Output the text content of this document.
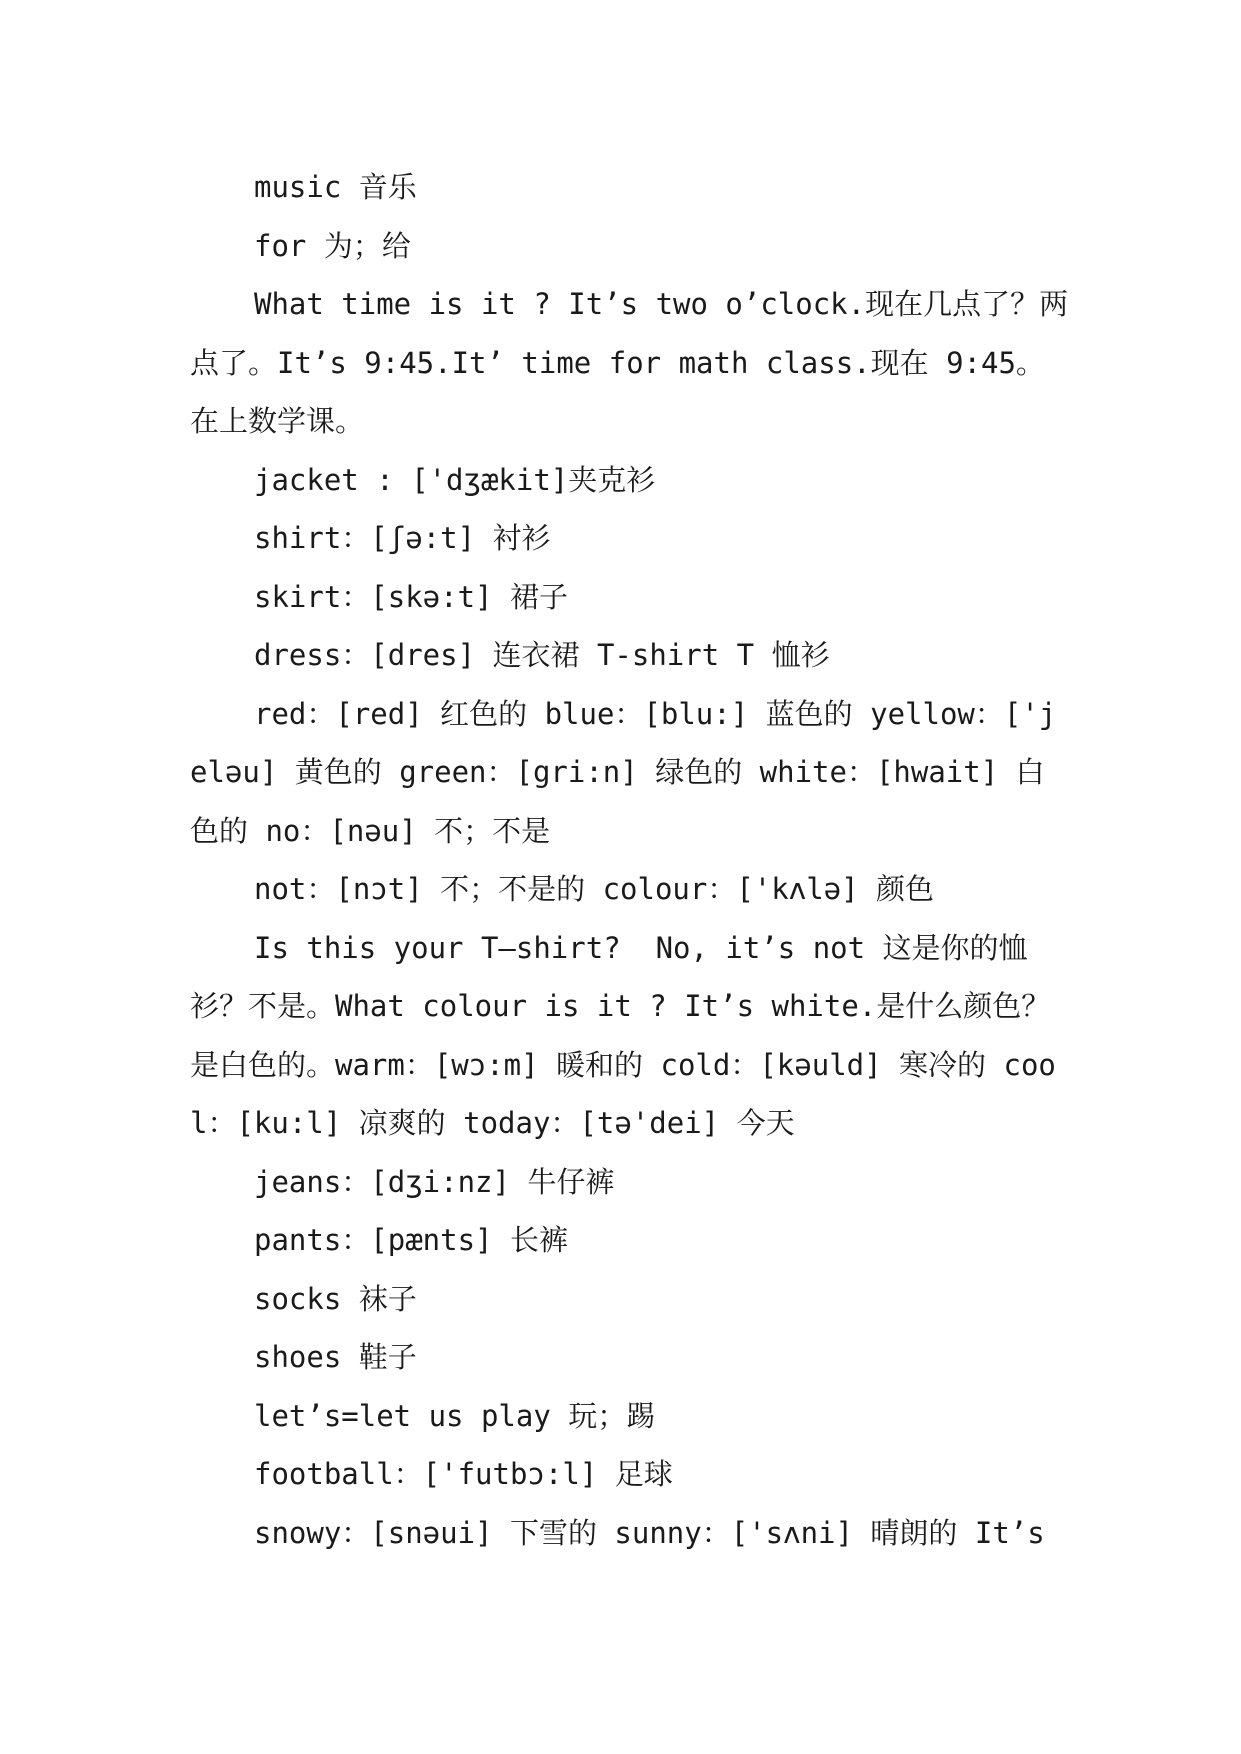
music 音乐

for 为；给

What time is it ? It’s two o’clock.现在几点了？两点了。It’s 9:45.It’ time for math class.现在 9:45。在上数学课。

jacket : ['dʒækit]夹克衫

shirt：[ʃə:t] 衬衫

skirt：[skə:t] 裙子

dress：[dres] 连衣裙 T-shirt T 恤衫

red：[red] 红色的 blue：[blu:] 蓝色的 yellow：['jeləu] 黄色的 green：[gri:n] 绿色的 white：[hwait] 白色的 no：[nəu] 不；不是

not：[nɔt] 不；不是的 colour：['kʌlə] 颜色

Is this your T—shirt?  No, it’s not 这是你的恤衫？不是。What colour is it ? It’s white.是什么颜色？是白色的。warm：[wɔ:m] 暖和的 cold：[kəuld] 寒冷的 cool：[ku:l] 凉爽的 today：[tə'dei] 今天

jeans：[dʒi:nz] 牛仔裤

pants：[pænts] 长裤

socks 袜子

shoes 鞋子

let’s=let us play 玩；踢

football：['futbɔ:l] 足球

snowy：[snəui] 下雪的 sunny：['sʌni] 晴朗的 It’s
